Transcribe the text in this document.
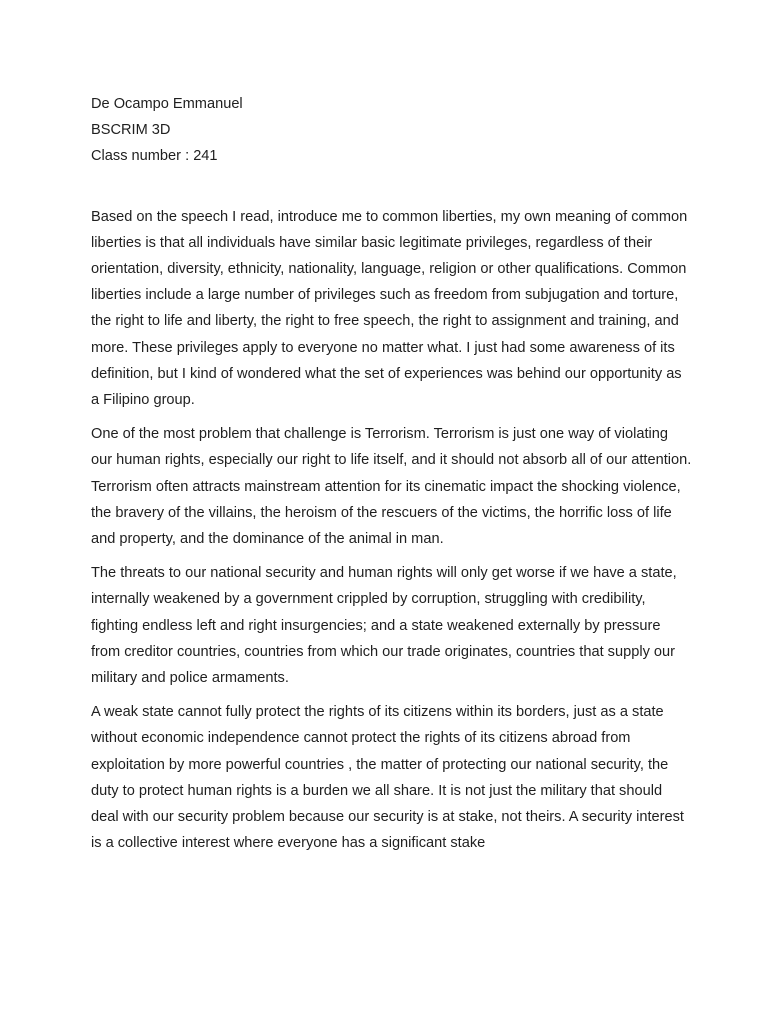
De Ocampo Emmanuel

BSCRIM 3D

Class number : 241

Based on the speech I read, introduce me to common liberties, my own meaning of common liberties is that all individuals have similar basic legitimate privileges, regardless of their orientation, diversity, ethnicity, nationality, language, religion or other qualifications. Common liberties include a large number of privileges such as freedom from subjugation and torture, the right to life and liberty, the right to free speech, the right to assignment and training, and more. These privileges apply to everyone no matter what. I just had some awareness of its definition, but I kind of wondered what the set of experiences was behind our opportunity as a Filipino group.

One of the most problem that challenge is Terrorism. Terrorism is just one way of violating our human rights, especially our right to life itself, and it should not absorb all of our attention. Terrorism often attracts mainstream attention for its cinematic impact the shocking violence, the bravery of the villains, the heroism of the rescuers of the victims, the horrific loss of life and property, and the dominance of the animal in man.

The threats to our national security and human rights will only get worse if we have a state, internally weakened by a government crippled by corruption, struggling with credibility, fighting endless left and right insurgencies; and a state weakened externally by pressure from creditor countries, countries from which our trade originates, countries that supply our military and police armaments.

A weak state cannot fully protect the rights of its citizens within its borders, just as a state without economic independence cannot protect the rights of its citizens abroad from exploitation by more powerful countries , the matter of protecting our national security, the duty to protect human rights is a burden we all share. It is not just the military that should deal with our security problem because our security is at stake, not theirs. A security interest is a collective interest where everyone has a significant stake
